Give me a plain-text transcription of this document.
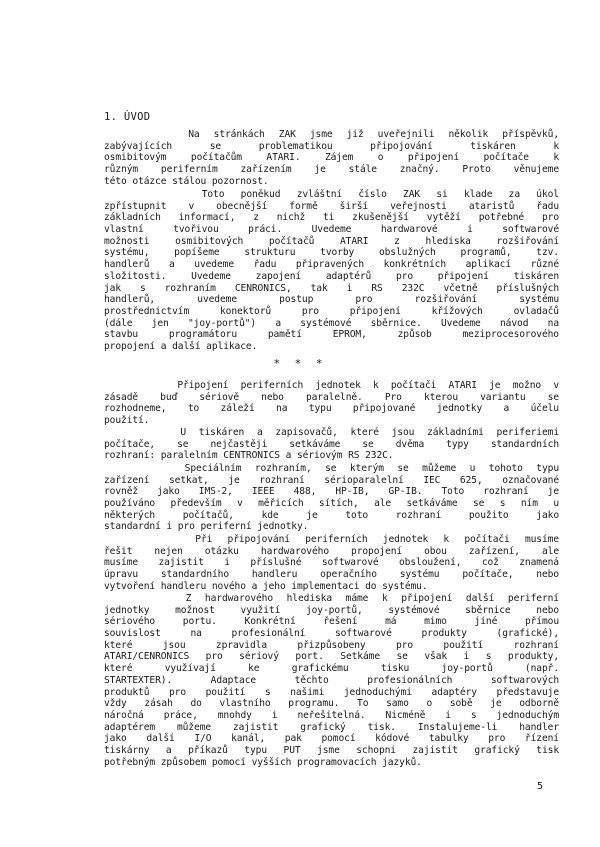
1. ÚVOD
Na stránkách ZAK jsme již uveřejnili několik příspěvků,
zabývajících se problematikou připojování tiskáren k
osmibitovým počítačům ATARI. Zájem o připojení počítače k
různým periferním zařízením je stále značný. Proto věnujeme
této otázce stálou pozornost.
Toto poněkud zvláštní číslo ZAK si klade za úkol
zpřístupnit v obecnější formě širší veřejnosti ataristů řadu
základních informací, z nichž ti zkušenější vytěží potřebné pro
vlastní tvořivou práci. Uvedeme hardwarové i softwarové
možnosti osmibitových počítačů ATARI z hlediska rozšiřování
systému, popíšeme strukturu tvorby obslužných programů, tzv.
handlerů a uvedeme řadu připravených konkrétních aplikací různé
složitosti. Uvedeme zapojení adaptérů pro připojení tiskáren
jak s rozhraním CENRONICS, tak i RS 232C včetně příslušných
handlerů, uvedeme postup pro rozšiřování systému
prostřednictvím konektorů pro připojení křížových ovladačů
(dále jen "joy-portů") a systémové sběrnice. Uvedeme návod na
stavbu programátoru pamětí EPROM, způsob meziprocesorového
propojení a další aplikace.
* * *
Připojení periferních jednotek k počítači ATARI je možno v
zásadě buď sériově nebo paralelně. Pro kterou variantu se
rozhodneme, to záleží na typu připojované jednotky a účelu
použití.
U tiskáren a zapisovačů, které jsou základními periferiemi
počítače, se nejčastěji setkáváme se dvěma typy standardních
rozhraní: paralelním CENTRONICS a sériovým RS 232C.
Speciálním rozhraním, se kterým se můžeme u tohoto typu
zařízení setkat, je rozhraní sérioparalelní IEC 625, označované
rovněž jako IMS-2, IEEE 488, HP-IB, GP-IB. Toto rozhraní je
používáno především v měřicích sítích, ale setkáváme se s ním u
některých počítačů, kde je toto rozhraní použito jako
standardní i pro periferní jednotky.
Při připojování periferních jednotek k počítači musíme
řešit nejen otázku hardwarového propojení obou zařízení, ale
musíme zajistit i příslušné softwarové obsloužení, což znamená
úpravu standardního handleru operačního systému počítače, nebo
vytvoření handleru nového a jeho implementaci do systému.
Z hardwarového hlediska máme k připojení další periferní
jednotky možnost využití joy-portů, systémové sběrnice nebo
sériového portu. Konkrétní řešení má mimo jiné přímou
souvislost na profesionální softwarové produkty (grafické),
které jsou zpravidla přizpůsobeny pro použití rozhraní
ATARI/CENRONICS pro sériový port. Setkáme se však i s produkty,
které využívají ke grafickému tisku joy-portů (např.
STARTEXTER). Adaptace těchto profesionálních softwarových
produktů pro použití s našimi jednoduchými adaptéry představuje
vždy zásah do vlastního programu. To samo o sobě je odborně
náročná práce, mnohdy i neřešitelná. Nicméně i s jednoduchým
adaptérem můžeme zajistit grafický tisk. Instalujeme-li handler
jako další I/O kanál, pak pomocí kódové tabulky pro řízení
tiskárny a příkazů typu PUT jsme schopni zajistit grafický tisk
potřebným způsobem pomocí vyšších programovacích jazyků.
5
